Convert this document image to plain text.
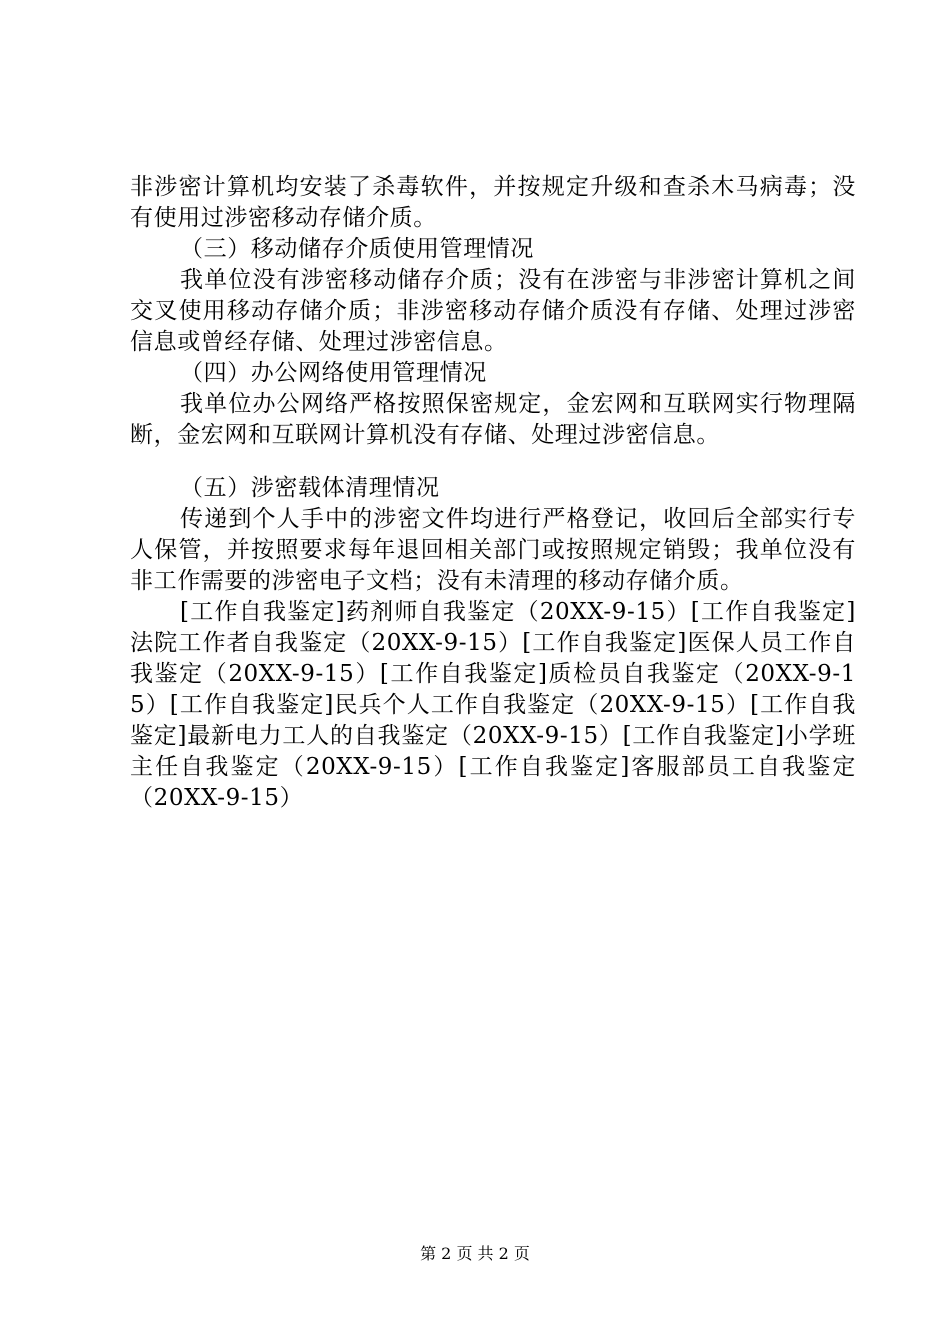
非涉密计算机均安装了杀毒软件，并按规定升级和查杀木马病毒；没有使用过涉密移动存储介质。

（三）移动储存介质使用管理情况

我单位没有涉密移动储存介质；没有在涉密与非涉密计算机之间交叉使用移动存储介质；非涉密移动存储介质没有存储、处理过涉密信息或曾经存储、处理过涉密信息。

（四）办公网络使用管理情况

我单位办公网络严格按照保密规定，金宏网和互联网实行物理隔断，金宏网和互联网计算机没有存储、处理过涉密信息。

（五）涉密载体清理情况

传递到个人手中的涉密文件均进行严格登记，收回后全部实行专人保管，并按照要求每年退回相关部门或按照规定销毁；我单位没有非工作需要的涉密电子文档；没有未清理的移动存储介质。

[工作自我鉴定]药剂师自我鉴定（20XX-9-15）[工作自我鉴定]法院工作者自我鉴定（20XX-9-15）[工作自我鉴定]医保人员工作自我鉴定（20XX-9-15）[工作自我鉴定]质检员自我鉴定（20XX-9-15）[工作自我鉴定]民兵个人工作自我鉴定（20XX-9-15）[工作自我鉴定]最新电力工人的自我鉴定（20XX-9-15）[工作自我鉴定]小学班主任自我鉴定（20XX-9-15）[工作自我鉴定]客服部员工自我鉴定（20XX-9-15）

第 2 页 共 2 页
